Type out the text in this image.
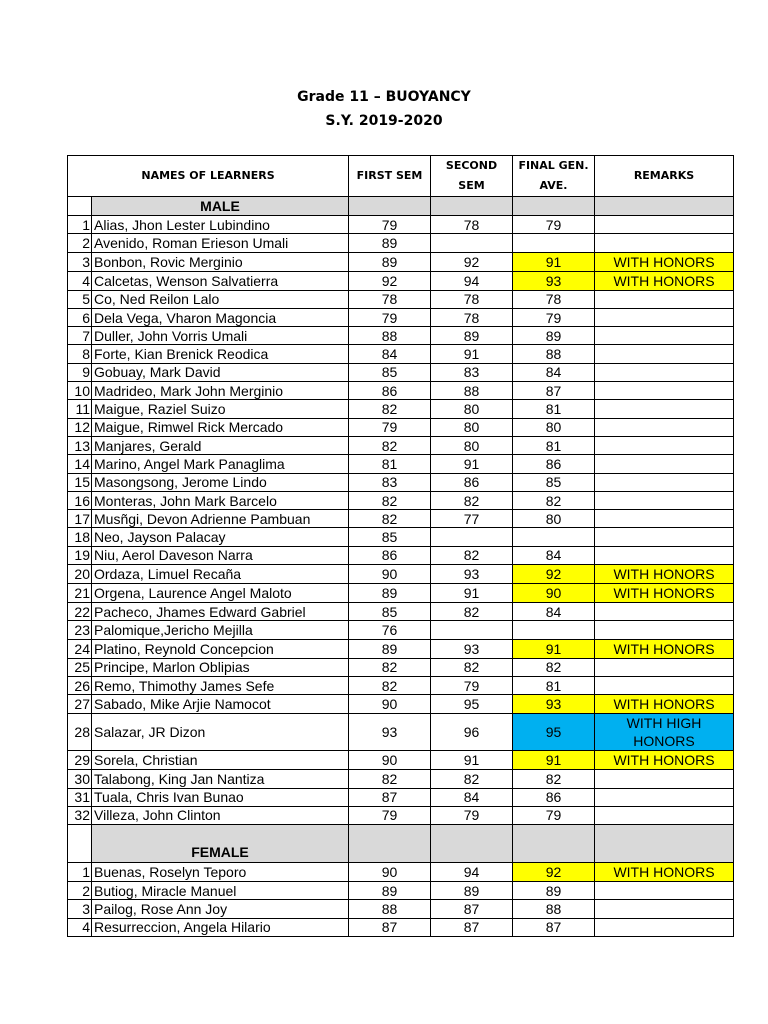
Grade 11 – BUOYANCY
S.Y. 2019-2020
NAMES OF LEARNERS		FIRST SEM	SECOND SEM	FINAL GEN. AVE.	REMARKS
	MALE				
1	Alias, Jhon Lester Lubindino	79	78	79	
2	Avenido, Roman Erieson Umali	89			
3	Bonbon, Rovic Merginio	89	92	91	WITH HONORS
4	Calcetas, Wenson Salvatierra	92	94	93	WITH HONORS
5	Co, Ned Reilon Lalo	78	78	78	
6	Dela Vega, Vharon Magoncia	79	78	79	
7	Duller, John Vorris Umali	88	89	89	
8	Forte, Kian Brenick Reodica	84	91	88	
9	Gobuay, Mark David	85	83	84	
10	Madrideo, Mark John Merginio	86	88	87	
11	Maigue, Raziel Suizo	82	80	81	
12	Maigue, Rimwel Rick Mercado	79	80	80	
13	Manjares, Gerald	82	80	81	
14	Marino, Angel Mark Panaglima	81	91	86	
15	Masongsong, Jerome Lindo	83	86	85	
16	Monteras, John Mark Barcelo	82	82	82	
17	Musñgi, Devon Adrienne Pambuan	82	77	80	
18	Neo, Jayson Palacay	85			
19	Niu, Aerol Daveson Narra	86	82	84	
20	Ordaza, Limuel Recaña	90	93	92	WITH HONORS
21	Orgena, Laurence Angel Maloto	89	91	90	WITH HONORS
22	Pacheco, Jhames Edward Gabriel	85	82	84	
23	Palomique,Jericho Mejilla	76			
24	Platino, Reynold Concepcion	89	93	91	WITH HONORS
25	Principe, Marlon Oblipias	82	82	82	
26	Remo, Thimothy James Sefe	82	79	81	
27	Sabado, Mike Arjie Namocot	90	95	93	WITH HONORS
28	Salazar, JR Dizon	93	96	95	WITH HIGH HONORS
29	Sorela, Christian	90	91	91	WITH HONORS
30	Talabong, King Jan Nantiza	82	82	82	
31	Tuala, Chris Ivan Bunao	87	84	86	
32	Villeza, John Clinton	79	79	79	
	FEMALE				
1	Buenas, Roselyn Teporo	90	94	92	WITH HONORS
2	Butiog, Miracle Manuel	89	89	89	
3	Pailog, Rose Ann Joy	88	87	88	
4	Resurreccion, Angela Hilario	87	87	87	
